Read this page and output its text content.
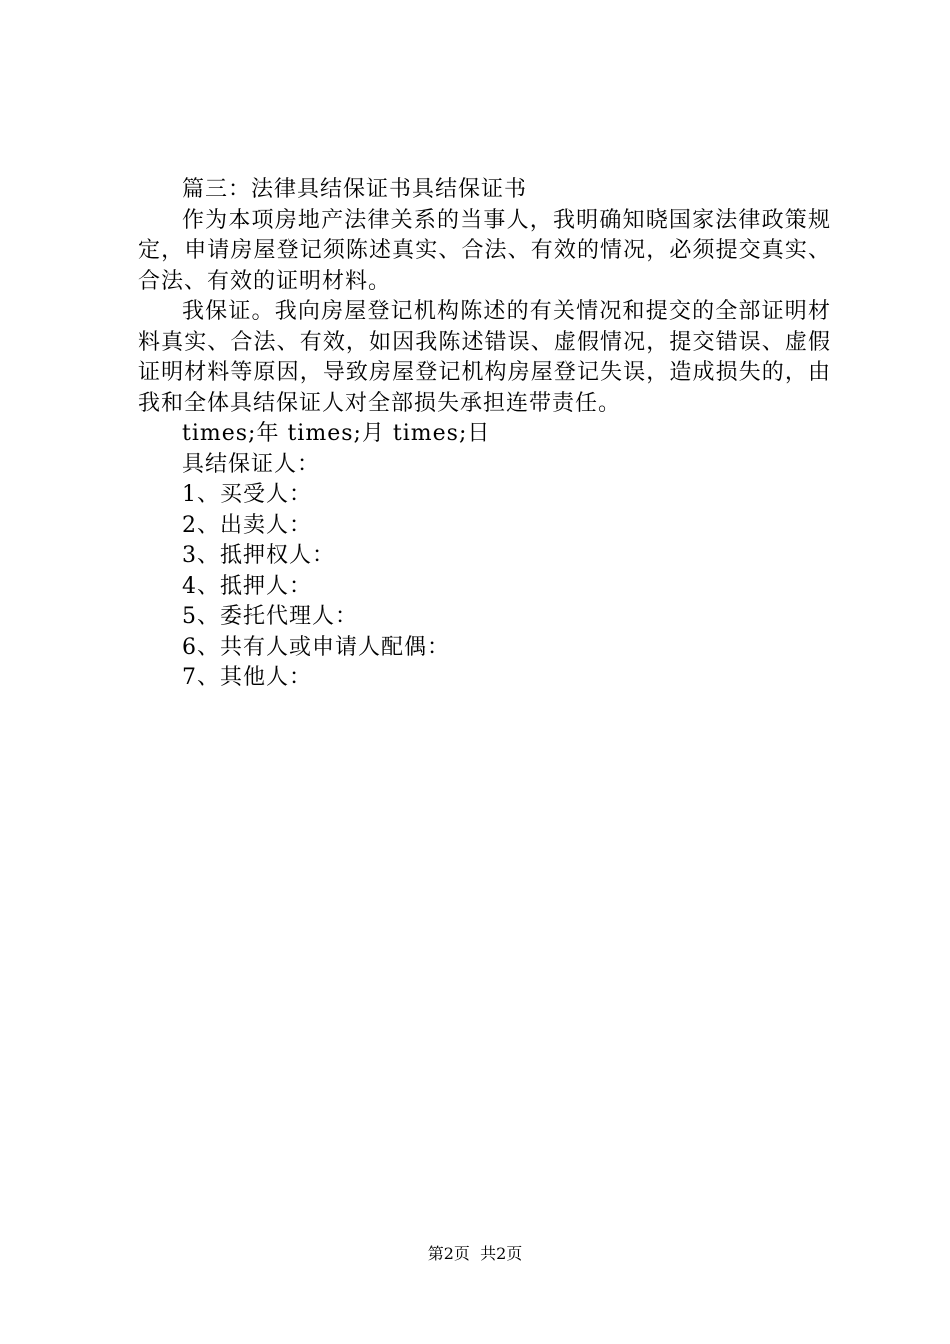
篇三：法律具结保证书具结保证书

作为本项房地产法律关系的当事人，我明确知晓国家法律政策规定，申请房屋登记须陈述真实、合法、有效的情况，必须提交真实、合法、有效的证明材料。

我保证。我向房屋登记机构陈述的有关情况和提交的全部证明材料真实、合法、有效，如因我陈述错误、虚假情况，提交错误、虚假证明材料等原因，导致房屋登记机构房屋登记失误，造成损失的，由我和全体具结保证人对全部损失承担连带责任。

times;年 times;月 times;日

具结保证人：

1、买受人：

2、出卖人：

3、抵押权人：

4、抵押人：

5、委托代理人：

6、共有人或申请人配偶：

7、其他人：

第2页  共2页
